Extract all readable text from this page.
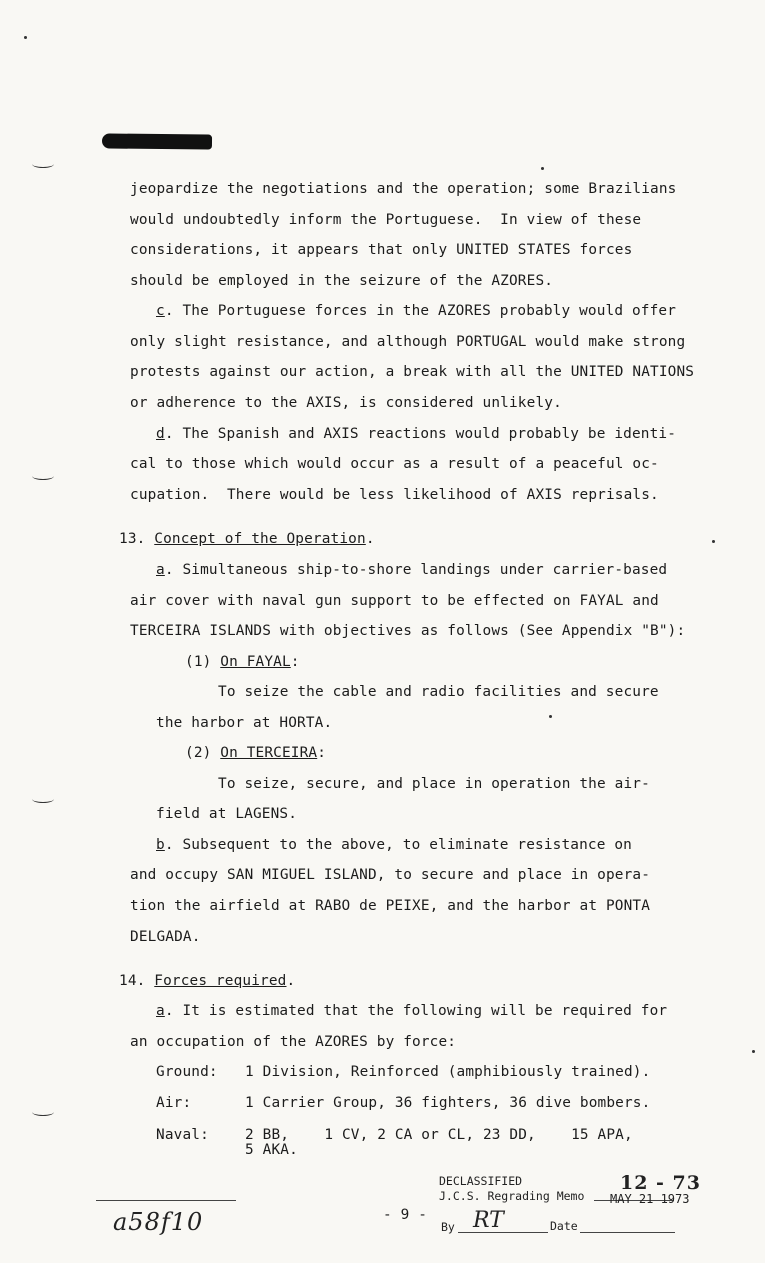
jeopardize the negotiations and the operation; some Brazilians
would undoubtedly inform the Portuguese.  In view of these
considerations, it appears that only UNITED STATES forces
should be employed in the seizure of the AZORES.
c. The Portuguese forces in the AZORES probably would offer
only slight resistance, and although PORTUGAL would make strong
protests against our action, a break with all the UNITED NATIONS
or adherence to the AXIS, is considered unlikely.
d. The Spanish and AXIS reactions would probably be identi-
cal to those which would occur as a result of a peaceful oc-
cupation.  There would be less likelihood of AXIS reprisals.
13. Concept of the Operation.
a. Simultaneous ship-to-shore landings under carrier-based
air cover with naval gun support to be effected on FAYAL and
TERCEIRA ISLANDS with objectives as follows (See Appendix "B"):
(1) On FAYAL:
To seize the cable and radio facilities and secure
the harbor at HORTA.
(2) On TERCEIRA:
To seize, secure, and place in operation the air-
field at LAGENS.
b. Subsequent to the above, to eliminate resistance on
and occupy SAN MIGUEL ISLAND, to secure and place in opera-
tion the airfield at RABO de PEIXE, and the harbor at PONTA
DELGADA.
14. Forces required.
a. It is estimated that the following will be required for
an occupation of the AZORES by force:
Ground: 1 Division, Reinforced (amphibiously trained).
Air:	1 Carrier Group, 36 fighters, 36 dive bombers.
Naval:	2 BB,    1 CV, 2 CA or CL, 23 DD,    15 APA,
5 AKA.
a58f10	- 9 -
DECLASSIFIED
J.C.S. Regrading Memo
12 - 73
MAY 21 1973
By RT	Date
